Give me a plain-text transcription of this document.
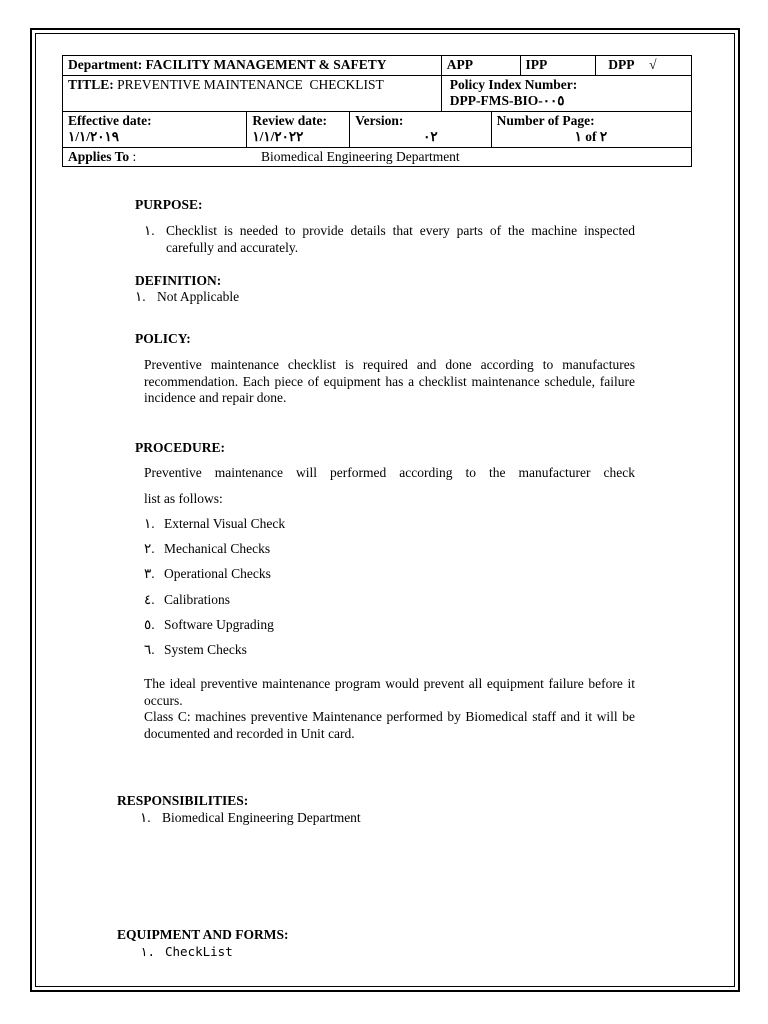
Department: FACILITY MANAGEMENT & SAFETY	APP	IPP	DPP √
TITLE: PREVENTIVE MAINTENANCE  CHECKLIST	Policy Index Number:
DPP-FMS-BIO-٠٠٥
Effective date:
١/١/٢٠١٩
Review date:
١/١/٢٠٢٢
Version:
٠٢
Number of Page:
١ of ٢
Applies To :	Biomedical Engineering Department
PURPOSE:
١. Checklist is needed to provide details that every parts of the machine inspected carefully and accurately.
DEFINITION:
١. Not Applicable
POLICY:
Preventive maintenance checklist is required and done according to manufactures recommendation. Each piece of equipment has a checklist maintenance schedule, failure incidence and repair done.
PROCEDURE:
Preventive maintenance will performed according to the manufacturer check
list as follows:
١. External Visual Check
٢. Mechanical Checks
٣. Operational Checks
٤. Calibrations
٥. Software Upgrading
٦. System Checks
The ideal preventive maintenance program would prevent all equipment failure before it occurs.
Class C: machines preventive Maintenance performed by Biomedical staff and it will be documented and recorded in Unit card.
RESPONSIBILITIES:
١. Biomedical Engineering Department
EQUIPMENT AND FORMS:
١. CheckList
